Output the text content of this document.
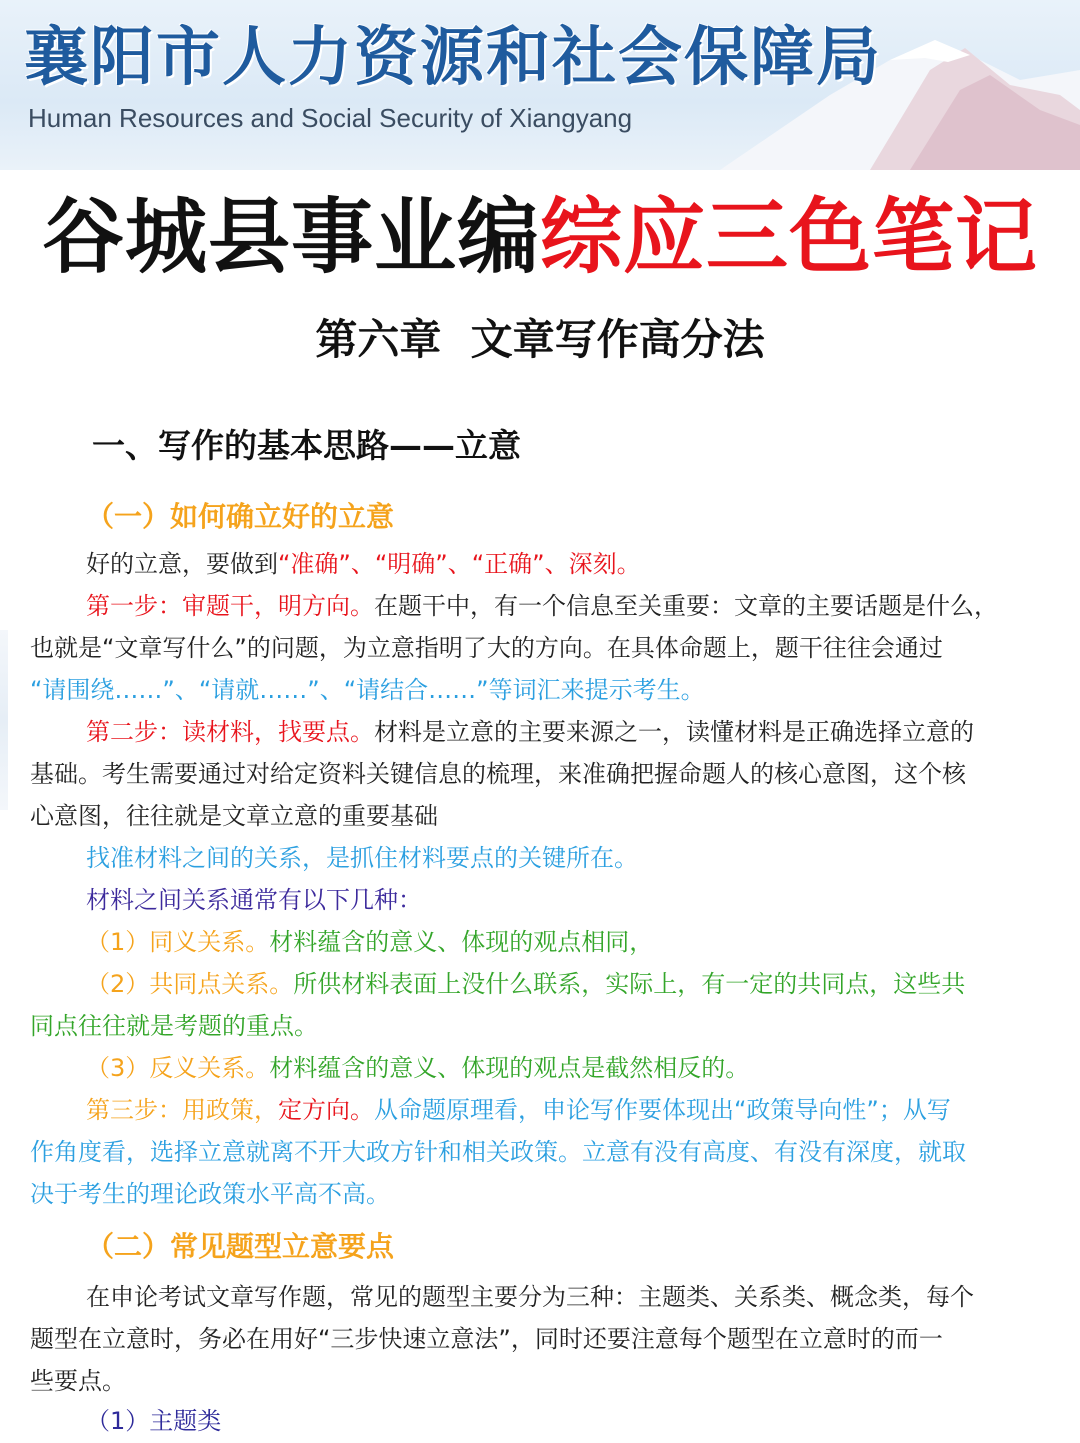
襄阳市人力资源和社会保障局
Human Resources and Social Security of Xiangyang
谷城县事业编综应三色笔记
第六章  文章写作高分法
一、写作的基本思路——立意
（一）如何确立好的立意
好的立意，要做到“准确”、“明确”、“正确”、深刻。
第一步：审题干，明方向。在题干中，有一个信息至关重要：文章的主要话题是什么，
也就是“文章写什么”的问题，为立意指明了大的方向。在具体命题上，题干往往会通过
“请围绕……”、“请就……”、“请结合……”等词汇来提示考生。
第二步：读材料，找要点。材料是立意的主要来源之一，读懂材料是正确选择立意的
基础。考生需要通过对给定资料关键信息的梳理，来准确把握命题人的核心意图，这个核
心意图，往往就是文章立意的重要基础
找准材料之间的关系，是抓住材料要点的关键所在。
材料之间关系通常有以下几种：
（1）同义关系。材料蕴含的意义、体现的观点相同，
（2）共同点关系。所供材料表面上没什么联系，实际上，有一定的共同点，这些共
同点往往就是考题的重点。
（3）反义关系。材料蕴含的意义、体现的观点是截然相反的。
第三步：用政策，定方向。从命题原理看，申论写作要体现出“政策导向性”；从写
作角度看，选择立意就离不开大政方针和相关政策。立意有没有高度、有没有深度，就取
决于考生的理论政策水平高不高。
（二）常见题型立意要点
在申论考试文章写作题，常见的题型主要分为三种：主题类、关系类、概念类，每个
题型在立意时，务必在用好“三步快速立意法”，同时还要注意每个题型在立意时的而一
些要点。
（1）主题类
